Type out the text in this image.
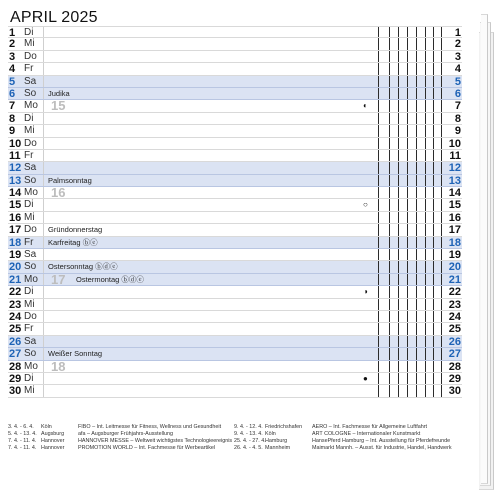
APRIL 2025
1 Di	1
2 Mi	2
3 Do	3
4 Fr	4
5 Sa	5
6 So	Judika	6
7 Mo	15	◐	7
8 Di	8
9 Mi	9
10 Do	10
11 Fr	11
12 Sa	12
13 So	Palmsonntag	13
14 Mo	16	14
15 Di	○	15
16 Mi	16
17 Do	Gründonnerstag	17
18 Fr	Karfreitag ⓑⓔ	18
19 Sa	19
20 So	Ostersonntag ⓑⓓⓔ	20
21 Mo	17 Ostermontag ⓑⓓⓔ	21
22 Di	◑	22
23 Mi	23
24 Do	24
25 Fr	25
26 Sa	26
27 So	Weißer Sonntag	27
28 Mo	18	28
29 Di	●	29
30 Mi	30
3. 4. - 6. 4. Köln	FIBO – Int. Leitmesse für Fitness, Wellness und Gesundheit
5. 4. - 13. 4. Augsburg	afa – Augsburger Frühjahrs-Ausstellung
7. 4. - 11. 4. Hannover	HANNOVER MESSE – Weltweit wichtigstes Technologieereignis
7. 4. - 11. 4. Hannover	PROMOTION WORLD – Int. Fachmesse für Werbeartikel
9. 4. - 12. 4. Friedrichshafen AERO – Int. Fachmesse für Allgemeine Luftfahrt
9. 4. - 13. 4. Köln	ART COLOGNE – Internationaler Kunstmarkt
25. 4. - 27. 4. Hamburg	HansePferd Hamburg – Int. Ausstellung für Pferdefreunde
26. 4. - 4. 5. Mannheim	Maimarkt Mannh. – Ausst. für Industrie, Handel, Handwerk
